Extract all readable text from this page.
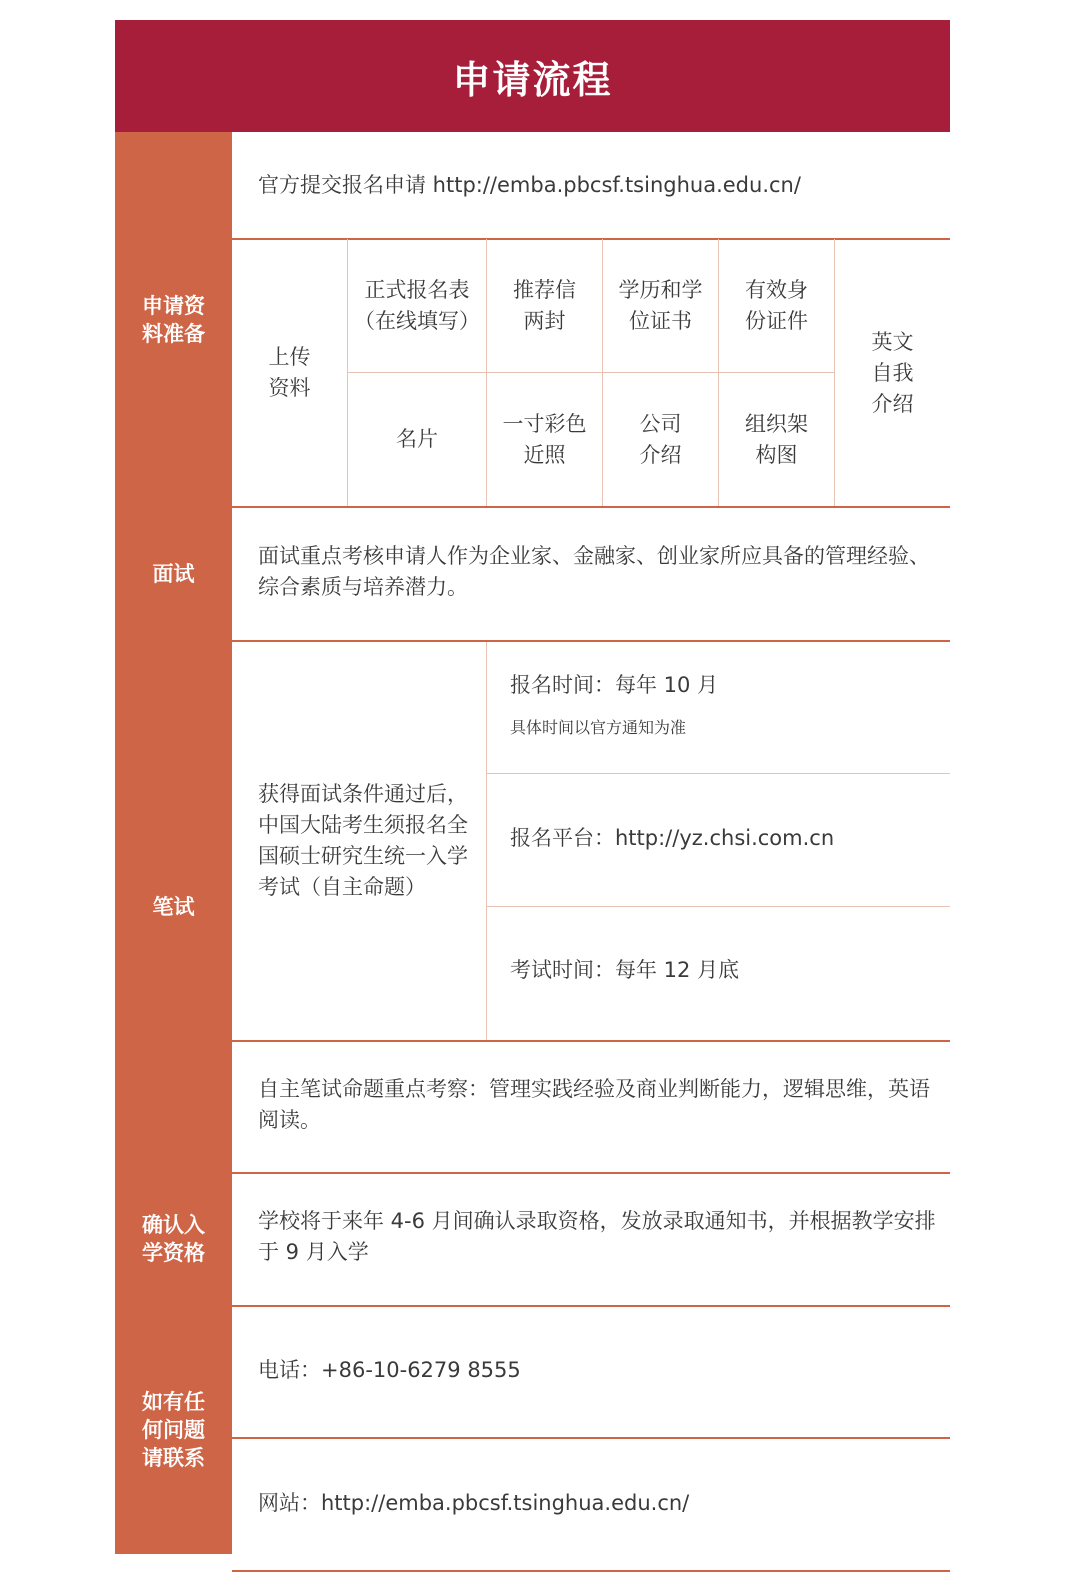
申请流程
申请资料准备
面试
笔试
确认入学资格
如有任何问题请联系
官方提交报名申请 http://emba.pbcsf.tsinghua.edu.cn/
上传资料
正式报名表（在线填写）
推荐信两封
学历和学位证书
有效身份证件
名片
一寸彩色近照
公司介绍
组织架构图
英文自我介绍
面试重点考核申请人作为企业家、金融家、创业家所应具备的管理经验、综合素质与培养潜力。
获得面试条件通过后，中国大陆考生须报名全国硕士研究生统一入学考试（自主命题）
报名时间：每年 10 月
具体时间以官方通知为准
报名平台：http://yz.chsi.com.cn
考试时间：每年 12 月底
自主笔试命题重点考察：管理实践经验及商业判断能力，逻辑思维，英语阅读。
学校将于来年 4-6 月间确认录取资格，发放录取通知书，并根据教学安排于 9 月入学
电话：+86-10-6279 8555
网站：http://emba.pbcsf.tsinghua.edu.cn/
